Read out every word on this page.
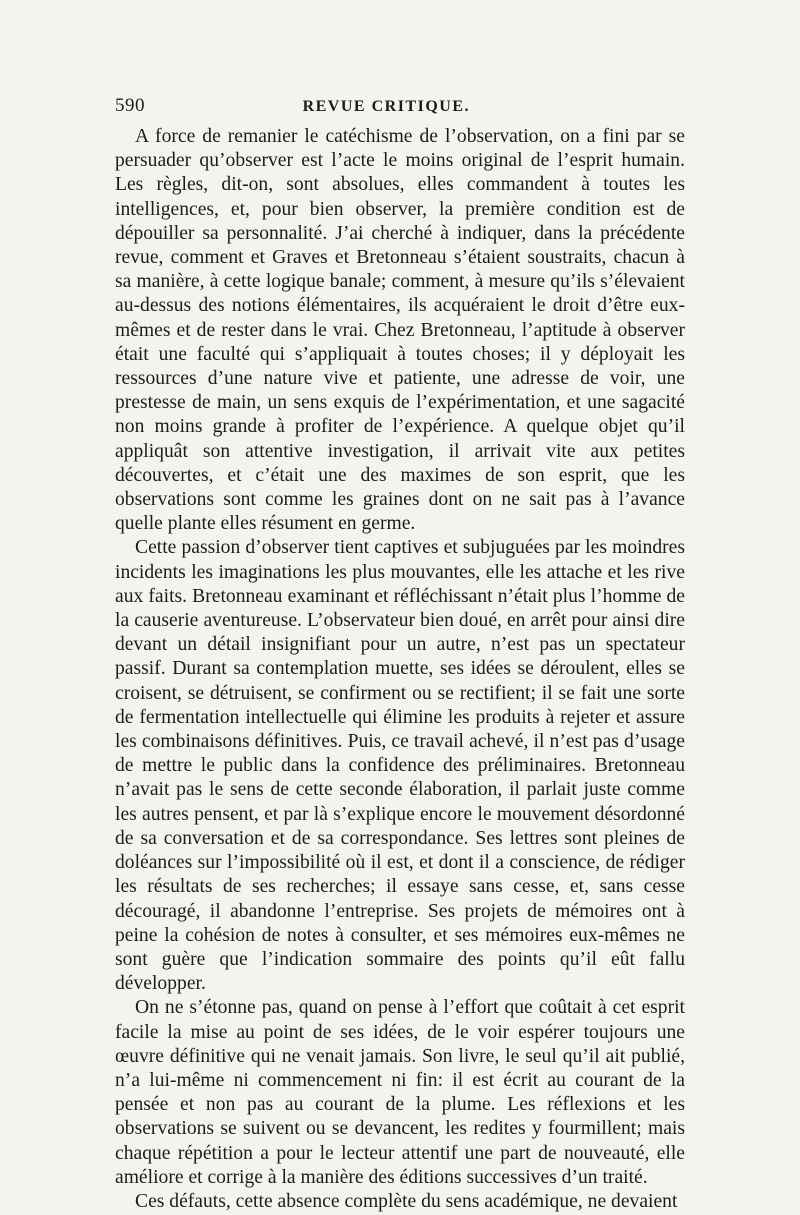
590	REVUE CRITIQUE.

A force de remanier le catéchisme de l’observation, on a fini par se persuader qu’observer est l’acte le moins original de l’esprit humain. Les règles, dit-on, sont absolues, elles commandent à toutes les intelligences, et, pour bien observer, la première condition est de dépouiller sa personnalité. J’ai cherché à indiquer, dans la précédente revue, comment et Graves et Bretonneau s’étaient soustraits, chacun à sa manière, à cette logique banale; comment, à mesure qu’ils s’élevaient au-dessus des notions élémentaires, ils acquéraient le droit d’être eux-mêmes et de rester dans le vrai. Chez Bretonneau, l’aptitude à observer était une faculté qui s’appliquait à toutes choses; il y déployait les ressources d’une nature vive et patiente, une adresse de voir, une prestesse de main, un sens exquis de l’expérimentation, et une sagacité non moins grande à profiter de l’expérience. A quelque objet qu’il appliquât son attentive investigation, il arrivait vite aux petites découvertes, et c’était une des maximes de son esprit, que les observations sont comme les graines dont on ne sait pas à l’avance quelle plante elles résument en germe.

Cette passion d’observer tient captives et subjuguées par les moindres incidents les imaginations les plus mouvantes, elle les attache et les rive aux faits. Bretonneau examinant et réfléchissant n’était plus l’homme de la causerie aventureuse. L’observateur bien doué, en arrêt pour ainsi dire devant un détail insignifiant pour un autre, n’est pas un spectateur passif. Durant sa contemplation muette, ses idées se déroulent, elles se croisent, se détruisent, se confirment ou se rectifient; il se fait une sorte de fermentation intellectuelle qui élimine les produits à rejeter et assure les combinaisons définitives. Puis, ce travail achevé, il n’est pas d’usage de mettre le public dans la confidence des préliminaires. Bretonneau n’avait pas le sens de cette seconde élaboration, il parlait juste comme les autres pensent, et par là s’explique encore le mouvement désordonné de sa conversation et de sa correspondance. Ses lettres sont pleines de doléances sur l’impossibilité où il est, et dont il a conscience, de rédiger les résultats de ses recherches; il essaye sans cesse, et, sans cesse découragé, il abandonne l’entreprise. Ses projets de mémoires ont à peine la cohésion de notes à consulter, et ses mémoires eux-mêmes ne sont guère que l’indication sommaire des points qu’il eût fallu développer.

On ne s’étonne pas, quand on pense à l’effort que coûtait à cet esprit facile la mise au point de ses idées, de le voir espérer toujours une œuvre définitive qui ne venait jamais. Son livre, le seul qu’il ait publié, n’a lui-même ni commencement ni fin: il est écrit au courant de la pensée et non pas au courant de la plume. Les réflexions et les observations se suivent ou se devancent, les redites y fourmillent; mais chaque répétition a pour le lecteur attentif une part de nouveauté, elle améliore et corrige à la manière des éditions successives d’un traité.

Ces défauts, cette absence complète du sens académique, ne devaient
